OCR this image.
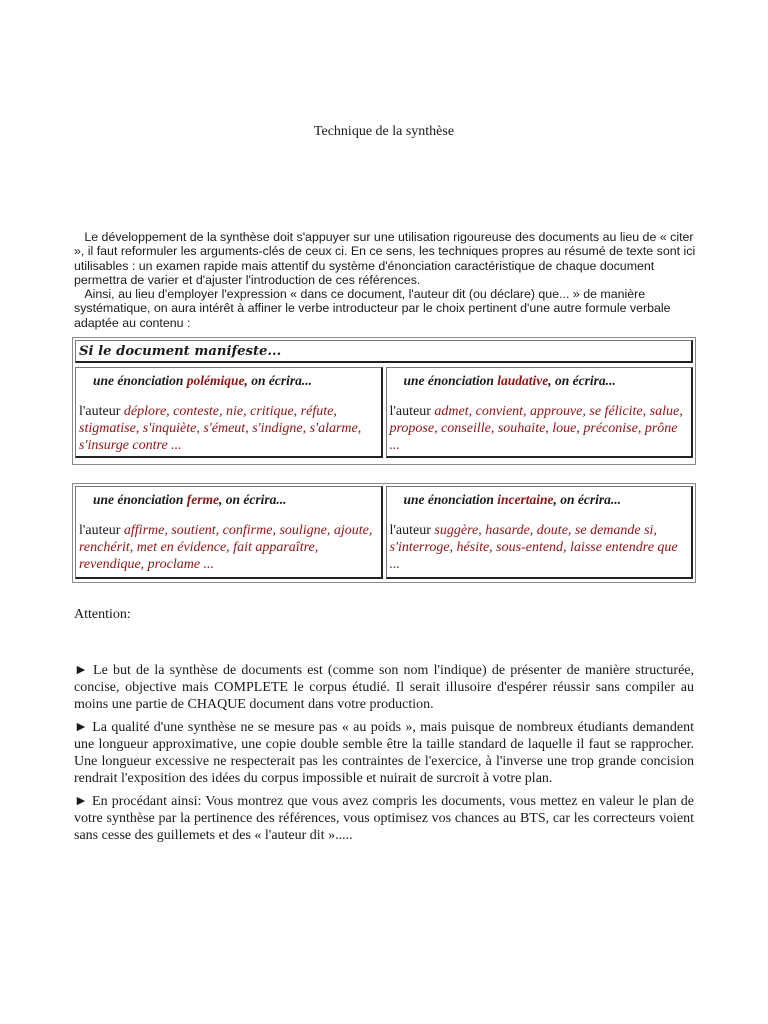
Technique de la synthèse

Le développement de la synthèse doit s'appuyer sur une utilisation rigoureuse des documents au lieu de « citer », il faut reformuler les arguments-clés de ceux ci. En ce sens, les techniques propres au résumé de texte sont ici utilisables : un examen rapide mais attentif du système d'énonciation caractéristique de chaque document permettra de varier et d'ajuster l'introduction de ces références.

Ainsi, au lieu d'employer l'expression « dans ce document, l'auteur dit (ou déclare) que... » de manière systématique, on aura intérêt à affiner le verbe introducteur par le choix pertinent d'une autre formule verbale adaptée au contenu :

Si le document manifeste...
une énonciation polémique, on écrira...
l'auteur déplore, conteste, nie, critique, réfute, stigmatise, s'inquiète, s'émeut, s'indigne, s'alarme, s'insurge contre ...
une énonciation laudative, on écrira...
l'auteur admet, convient, approuve, se félicite, salue, propose, conseille, souhaite, loue, préconise, prône ...
une énonciation ferme, on écrira...
l'auteur affirme, soutient, confirme, souligne, ajoute, renchérit, met en évidence, fait apparaître, revendique, proclame ...
une énonciation incertaine, on écrira...
l'auteur suggère, hasarde, doute, se demande si, s'interroge, hésite, sous-entend, laisse entendre que ...
Attention:

► Le but de la synthèse de documents est (comme son nom l'indique) de présenter de manière structurée, concise, objective mais COMPLETE le corpus étudié. Il serait illusoire d'espérer réussir sans compiler au moins une partie de CHAQUE document dans votre production.

► La qualité d'une synthèse ne se mesure pas « au poids », mais puisque de nombreux étudiants demandent une longueur approximative, une copie double semble être la taille standard de laquelle il faut se rapprocher. Une longueur excessive ne respecterait pas les contraintes de l'exercice, à l'inverse une trop grande concision rendrait l'exposition des idées du corpus impossible et nuirait de surcroit à votre plan.

► En procédant ainsi: Vous montrez que vous avez compris les documents, vous mettez en valeur le plan de votre synthèse par la pertinence des références, vous optimisez vos chances au BTS, car les correcteurs voient sans cesse des guillemets et des « l'auteur dit ».....
